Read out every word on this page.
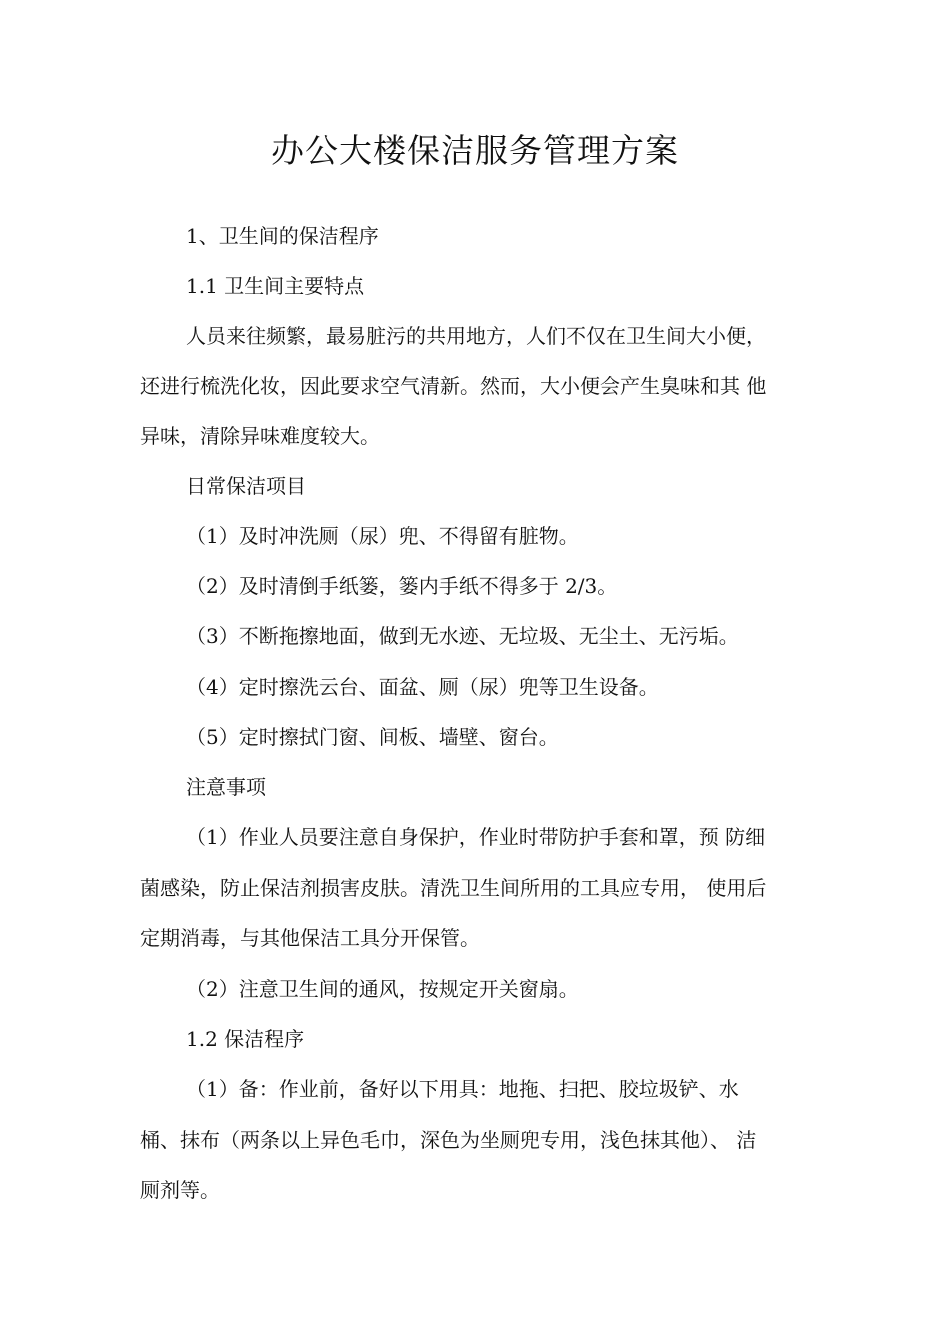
办公大楼保洁服务管理方案

1、卫生间的保洁程序

1.1 卫生间主要特点

人员来往频繁，最易脏污的共用地方，人们不仅在卫生间大小便，

还进行梳洗化妆，因此要求空气清新。然而，大小便会产生臭味和其 他

异味，清除异味难度较大。

日常保洁项目

（1）及时冲洗厕（尿）兜、不得留有脏物。

（2）及时清倒手纸篓，篓内手纸不得多于 2/3。

（3）不断拖擦地面，做到无水迹、无垃圾、无尘土、无污垢。

（4）定时擦洗云台、面盆、厕（尿）兜等卫生设备。

（5）定时擦拭门窗、间板、墙壁、窗台。

注意事项

（1）作业人员要注意自身保护，作业时带防护手套和罩，预 防细

菌感染，防止保洁剂损害皮肤。清洗卫生间所用的工具应专用， 使用后

定期消毒，与其他保洁工具分开保管。

（2）注意卫生间的通风，按规定开关窗扇。

1.2 保洁程序

（1）备：作业前，备好以下用具：地拖、扫把、胶垃圾铲、水

桶、抹布（两条以上异色毛巾，深色为坐厕兜专用，浅色抹其他）、 洁

厕剂等。
